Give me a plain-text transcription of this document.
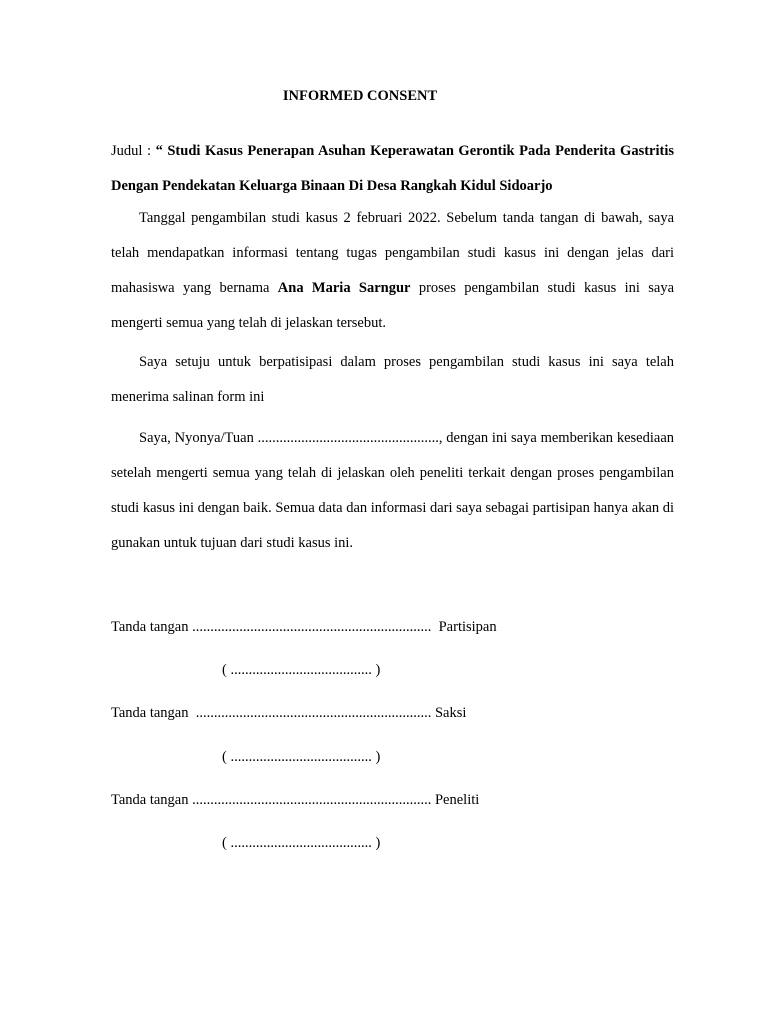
INFORMED CONSENT
Judul : “ Studi Kasus Penerapan Asuhan Keperawatan Gerontik Pada Penderita Gastritis Dengan Pendekatan Keluarga Binaan Di Desa Rangkah Kidul Sidoarjo
Tanggal pengambilan studi kasus 2 februari 2022. Sebelum tanda tangan di bawah, saya telah mendapatkan informasi tentang tugas pengambilan studi kasus ini dengan jelas dari mahasiswa yang bernama Ana Maria Sarngur proses pengambilan studi kasus ini saya mengerti semua yang telah di jelaskan tersebut.
Saya setuju untuk berpatisipasi dalam proses pengambilan studi kasus ini saya telah menerima salinan form ini
Saya, Nyonya/Tuan .................................................., dengan ini saya memberikan kesediaan setelah mengerti semua yang telah di jelaskan oleh peneliti terkait dengan proses pengambilan studi kasus ini dengan baik. Semua data dan informasi dari saya sebagai partisipan hanya akan di gunakan untuk tujuan dari studi kasus ini.
Tanda tangan ..................................................................  Partisipan
( ....................................... )
Tanda tangan  ................................................................. Saksi
( ....................................... )
Tanda tangan .................................................................. Peneliti
( ....................................... )
